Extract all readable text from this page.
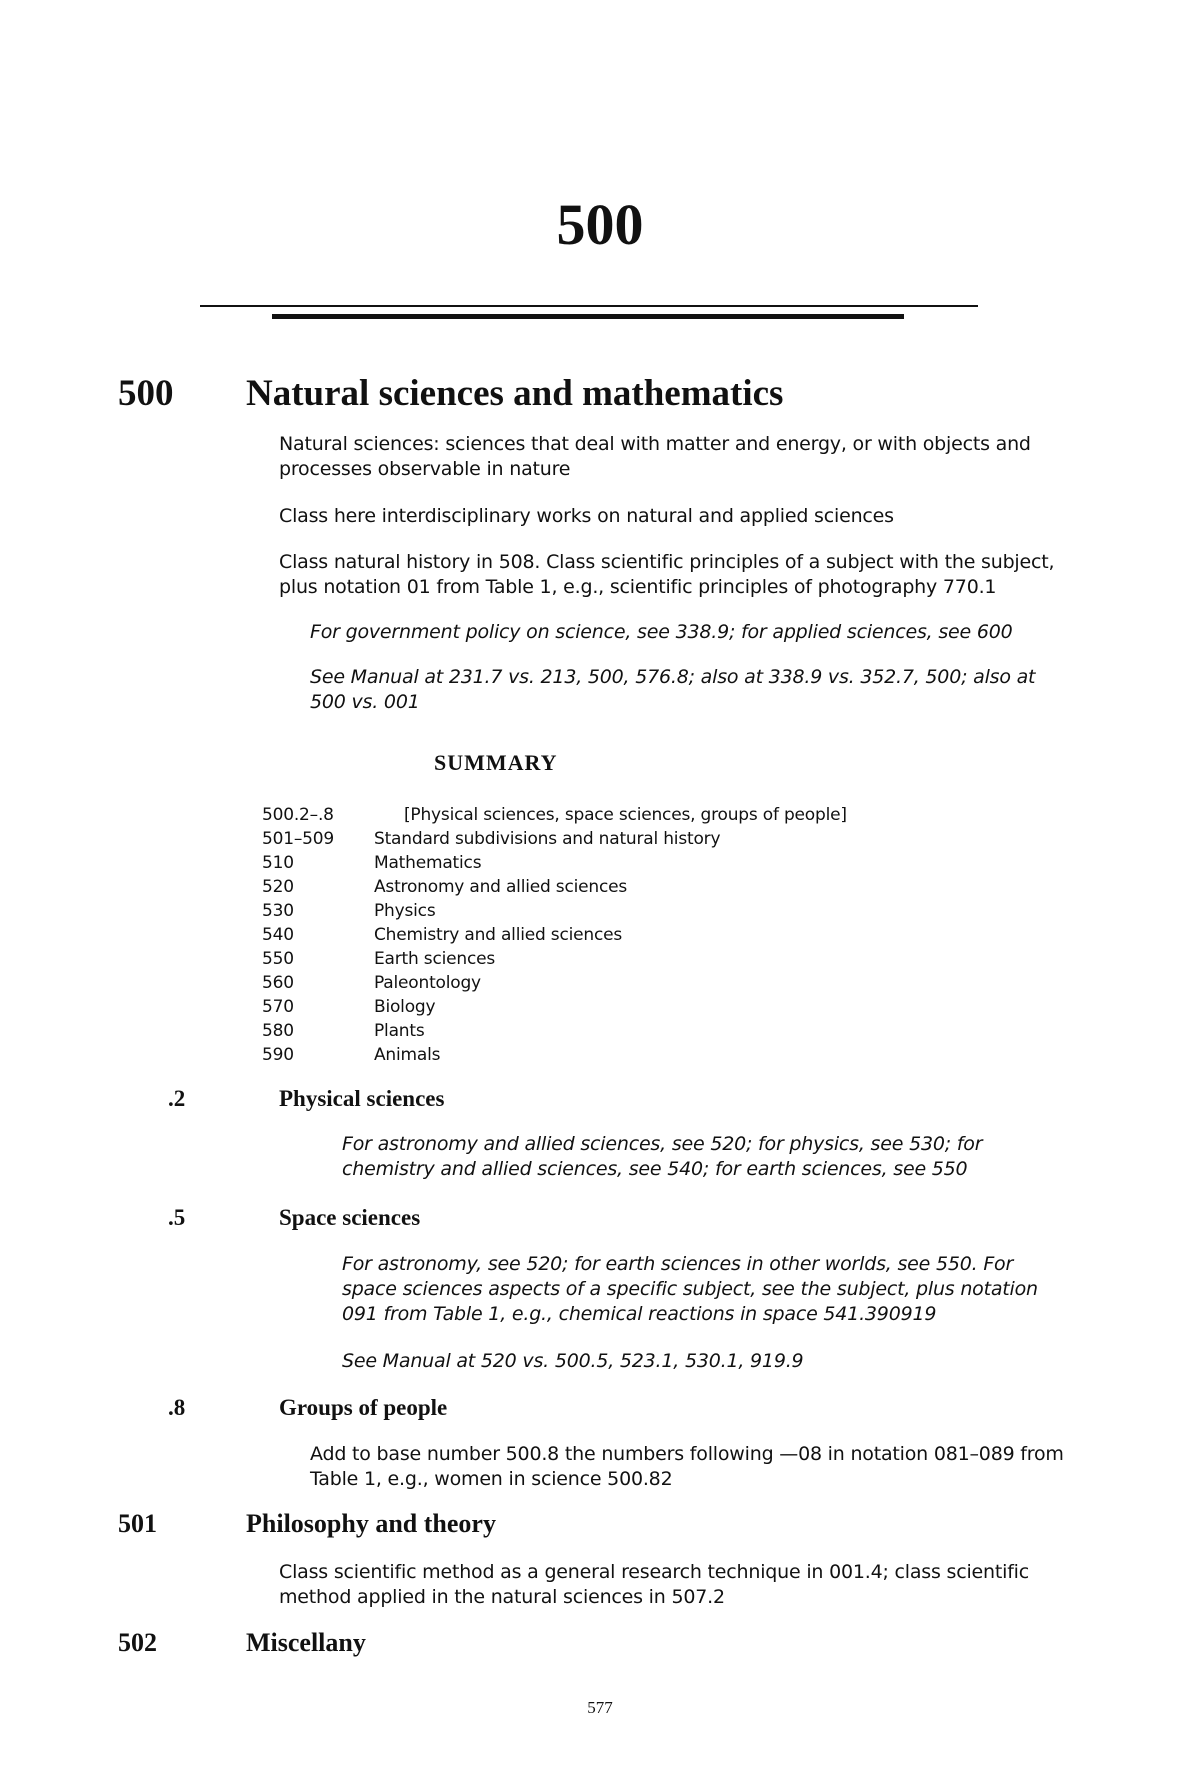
500
500 Natural sciences and mathematics
Natural sciences: sciences that deal with matter and energy, or with objects and processes observable in nature
Class here interdisciplinary works on natural and applied sciences
Class natural history in 508. Class scientific principles of a subject with the subject, plus notation 01 from Table 1, e.g., scientific principles of photography 770.1
For government policy on science, see 338.9; for applied sciences, see 600
See Manual at 231.7 vs. 213, 500, 576.8; also at 338.9 vs. 352.7, 500; also at 500 vs. 001
SUMMARY
500.2–.8	[Physical sciences, space sciences, groups of people]
501–509 Standard subdivisions and natural history
510	Mathematics
520	Astronomy and allied sciences
530	Physics
540	Chemistry and allied sciences
550	Earth sciences
560	Paleontology
570	Biology
580	Plants
590	Animals
.2	Physical sciences
For astronomy and allied sciences, see 520; for physics, see 530; for chemistry and allied sciences, see 540; for earth sciences, see 550
.5	Space sciences
For astronomy, see 520; for earth sciences in other worlds, see 550. For space sciences aspects of a specific subject, see the subject, plus notation 091 from Table 1, e.g., chemical reactions in space 541.390919
See Manual at 520 vs. 500.5, 523.1, 530.1, 919.9
.8	Groups of people
Add to base number 500.8 the numbers following —08 in notation 081–089 from Table 1, e.g., women in science 500.82
501	Philosophy and theory
Class scientific method as a general research technique in 001.4; class scientific method applied in the natural sciences in 507.2
502	Miscellany
577
